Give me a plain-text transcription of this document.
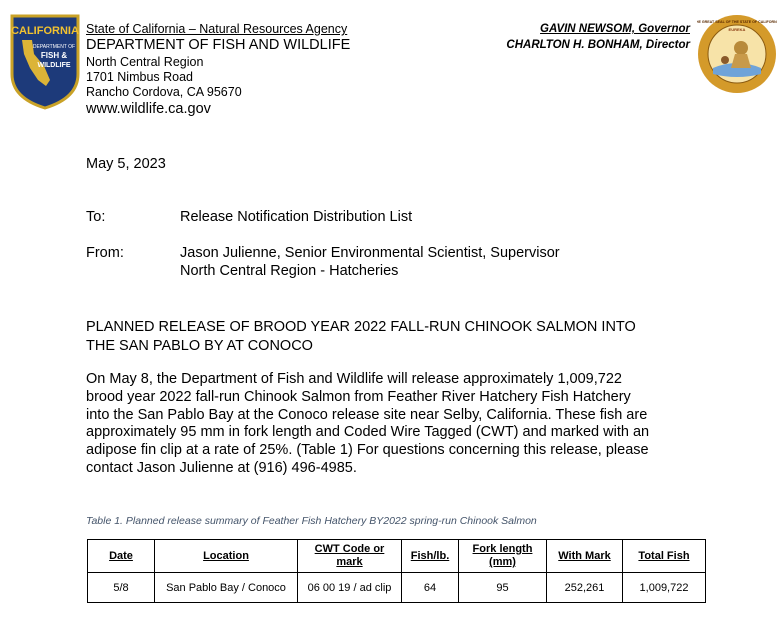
CALIFORNIA
DEPARTMENT OF
FISH &
WILDLIFE
State of California – Natural Resources Agency
DEPARTMENT OF FISH AND WILDLIFE
North Central Region
1701 Nimbus Road
Rancho Cordova, CA 95670
www.wildlife.ca.gov
GAVIN NEWSOM, Governor
CHARLTON H. BONHAM, Director
EUREKA
THE GREAT SEAL OF THE STATE OF CALIFORNIA
May 5, 2023
To:	Release Notification Distribution List
From:	Jason Julienne, Senior Environmental Scientist, Supervisor
North Central Region - Hatcheries
PLANNED RELEASE OF BROOD YEAR 2022 FALL-RUN CHINOOK SALMON INTO
THE SAN PABLO BY AT CONOCO
On May 8, the Department of Fish and Wildlife will release approximately 1,009,722
brood year 2022 fall-run Chinook Salmon from Feather River Hatchery Fish Hatchery
into the San Pablo Bay at the Conoco release site near Selby, California. These fish are
approximately 95 mm in fork length and Coded Wire Tagged (CWT) and marked with an
adipose fin clip at a rate of 25%. (Table 1) For questions concerning this release, please
contact Jason Julienne at (916) 496-4985.
Table 1. Planned release summary of Feather Fish Hatchery BY2022 spring-run Chinook Salmon
Date	Location	CWT Code or mark	Fish/lb.	Fork length (mm)	With Mark	Total Fish
5/8	San Pablo Bay / Conoco	06 00 19 / ad clip	64	95	252,261	1,009,722
